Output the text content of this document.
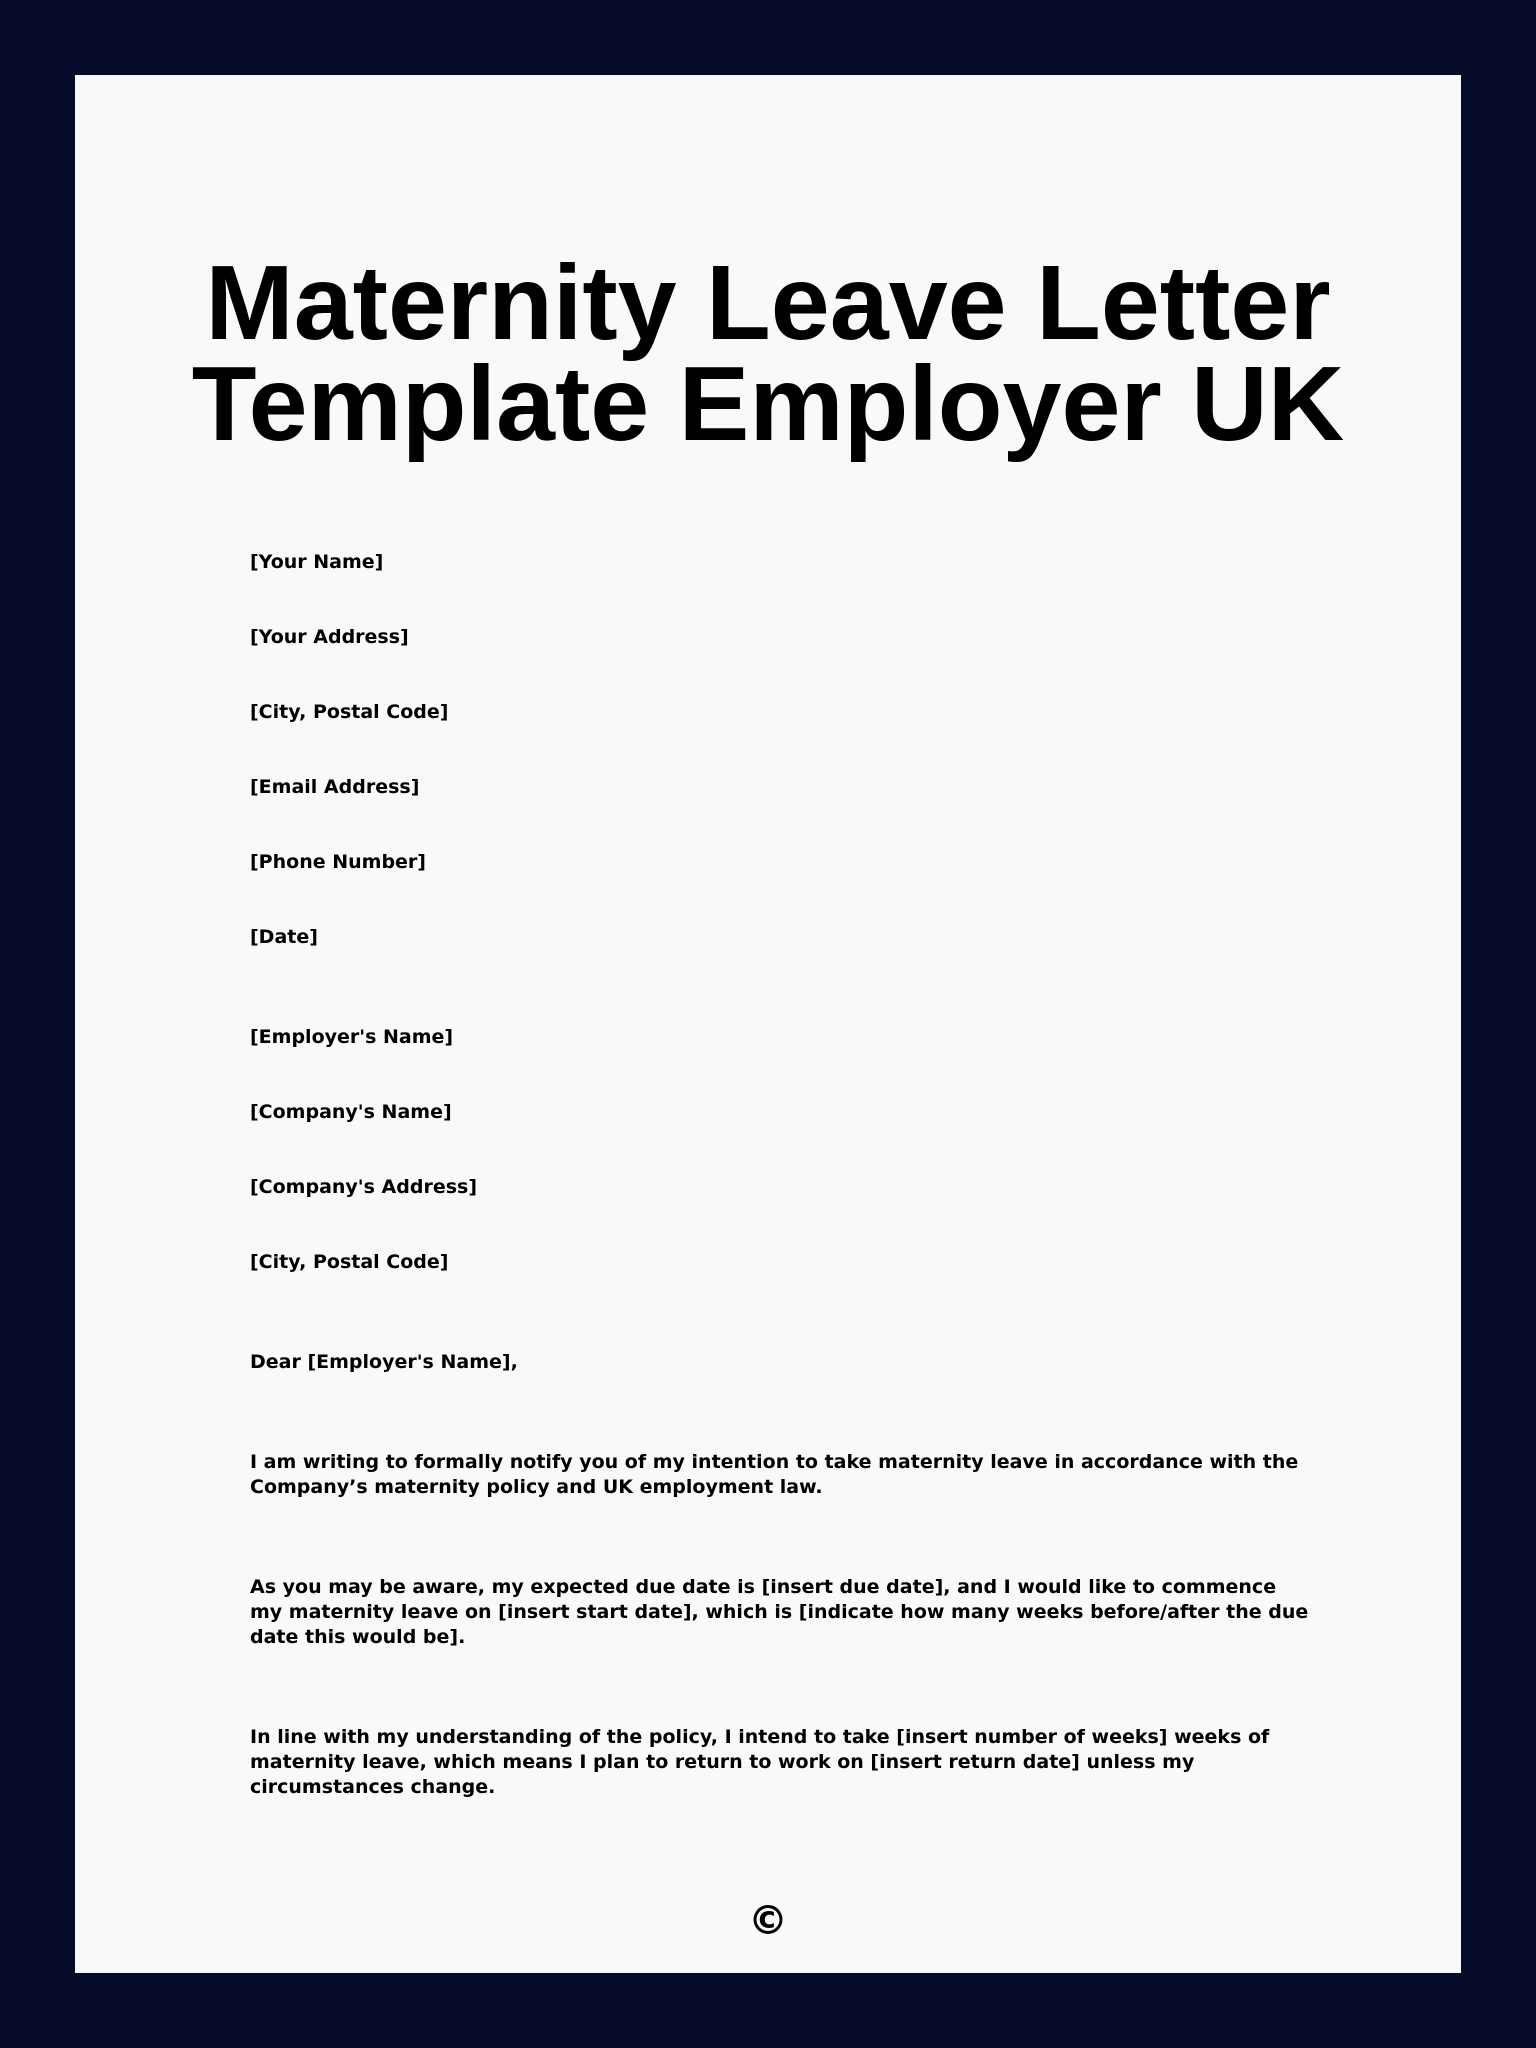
Maternity Leave Letter
Template Employer UK

[Your Name]

[Your Address]

[City, Postal Code]

[Email Address]

[Phone Number]

[Date]

[Employer's Name]

[Company's Name]

[Company's Address]

[City, Postal Code]

Dear [Employer's Name],

I am writing to formally notify you of my intention to take maternity leave in accordance with the Company’s maternity policy and UK employment law.

As you may be aware, my expected due date is [insert due date], and I would like to commence my maternity leave on [insert start date], which is [indicate how many weeks before/after the due date this would be].

In line with my understanding of the policy, I intend to take [insert number of weeks] weeks of maternity leave, which means I plan to return to work on [insert return date] unless my circumstances change.

©
